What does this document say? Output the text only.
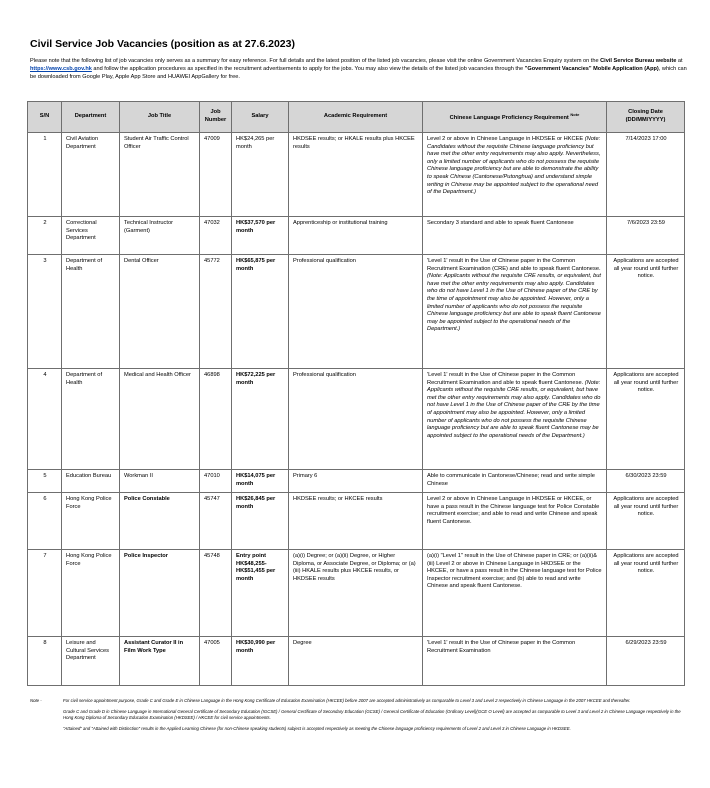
Civil Service Job Vacancies (position as at 27.6.2023)
Please note that the following list of job vacancies only serves as a summary for easy reference. For full details and the latest position of the listed job vacancies, please visit the online Government Vacancies Enquiry system on the Civil Service Bureau website at https://www.csb.gov.hk and follow the application procedures as specified in the recruitment advertisements to apply for the jobs. You may also view the details of the listed job vacancies through the "Government Vacancies" Mobile Application (App), which can be downloaded from Google Play, Apple App Store and HUAWEI AppGallery for free.
S/N	Department	Job Title	Job Number	Salary	Academic Requirement	Chinese Language Proficiency Requirement $^{Note}$	Closing Date (DD/MM/YYYY)
1	Civil Aviation Department	Student Air Traffic Control Officer	47009	HK$24,265 per month	HKDSEE results; or HKALE results plus HKCEE results	Level 2 or above in Chinese Language in HKDSEE or HKCEE (Note: Candidates without the requisite Chinese language proficiency but have met the other entry requirements may also apply. Nevertheless, only a limited number of applicants who do not possess the requisite Chinese language proficiency but are able to demonstrate the ability to speak Chinese (Cantonese/Putonghua) and understand simple writing in Chinese may be appointed subject to the operational need of the Department.)	7/14/2023 17:00
2	Correctional Services Department	Technical Instructor (Garment)	47032	HK$37,570 per month	Apprenticeship or institutional training	Secondary 3 standard and able to speak fluent Cantonese	7/6/2023 23:59
3	Department of Health	Dental Officer	45772	HK$65,875 per month	Professional qualification	'Level 1' result in the Use of Chinese paper in the Common Recruitment Examination (CRE) and able to speak fluent Cantonese. (Note: Applicants without the requisite CRE results, or equivalent, but have met the other entry requirements may also apply. Candidates who do not have Level 1 in the Use of Chinese paper of the CRE by the time of appointment may also be appointed. However, only a limited number of applicants who do not possess the requisite Chinese language proficiency but are able to speak fluent Cantonese may be appointed subject to the operational needs of the Department.)	Applications are accepted all year round until further notice.
4	Department of Health	Medical and Health Officer	46898	HK$72,225 per month	Professional qualification	'Level 1' result in the Use of Chinese paper in the Common Recruitment Examination and able to speak fluent Cantonese. (Note: Applicants without the requisite CRE results, or equivalent, but have met the other entry requirements may also apply. Candidates who do not have Level 1 in the Use of Chinese paper of the CRE by the time of appointment may also be appointed. However, only a limited number of applicants who do not possess the requisite Chinese language proficiency but are able to speak fluent Cantonese may be appointed subject to the operational needs of the Department.)	Applications are accepted all year round until further notice.
5	Education Bureau	Workman II	47010	HK$14,075 per month	Primary 6	Able to communicate in Cantonese/Chinese; read and write simple Chinese	6/30/2023 23:59
6	Hong Kong Police Force	Police Constable	45747	HK$26,845 per month	HKDSEE results; or HKCEE results	Level 2 or above in Chinese Language in HKDSEE or HKCEE, or have a pass result in the Chinese language test for Police Constable recruitment exercise; and able to read and write Chinese and speak fluent Cantonese.	Applications are accepted all year round until further notice.
7	Hong Kong Police Force	Police Inspector	45748	Entry point HK$48,255-HK$51,455 per month	(a)(i) Degree; or (a)(ii) Degree, or Higher Diploma, or Associate Degree, or Diploma; or (a)(iii) HKALE results plus HKCEE results, or HKDSEE results	(a)(i) "Level 1" result in the Use of Chinese paper in CRE; or (a)(ii)&(iii) Level 2 or above in Chinese Language in HKDSEE or the HKCEE, or have a pass result in the Chinese language test for Police Inspector recruitment exercise; and (b) able to read and write Chinese and speak fluent Cantonese.	Applications are accepted all year round until further notice.
8	Leisure and Cultural Services Department	Assistant Curator II in Film Work Type	47005	HK$30,990 per month	Degree	'Level 1' result in the Use of Chinese paper in the Common Recruitment Examination	6/29/2023 23:59
Note -	For civil service appointment purpose, Grade C and Grade E in Chinese Language in the Hong Kong Certificate of Education Examination (HKCEE) before 2007 are accepted administratively as comparable to Level 3 and Level 2 respectively in Chinese Language in the 2007 HKCEE and thereafter.
Grade C and Grade D in Chinese Language in International General Certificate of Secondary Education (IGCSE) / General Certificate of Secondary Education (GCSE) / General Certificate of Education (Ordinary Level)(GCE O Level) are accepted as comparable to Level 3 and Level 2 in Chinese Language respectively in the Hong Kong Diploma of Secondary Education Examination (HKDSEE) / HKCEE for civil service appointments.
"Attained" and "Attained with Distinction" results in the Applied Learning Chinese (for non-Chinese speaking students) subject is accepted respectively as meeting the Chinese language proficiency requirements of Level 2 and Level 3 in Chinese Language in HKDSEE.
